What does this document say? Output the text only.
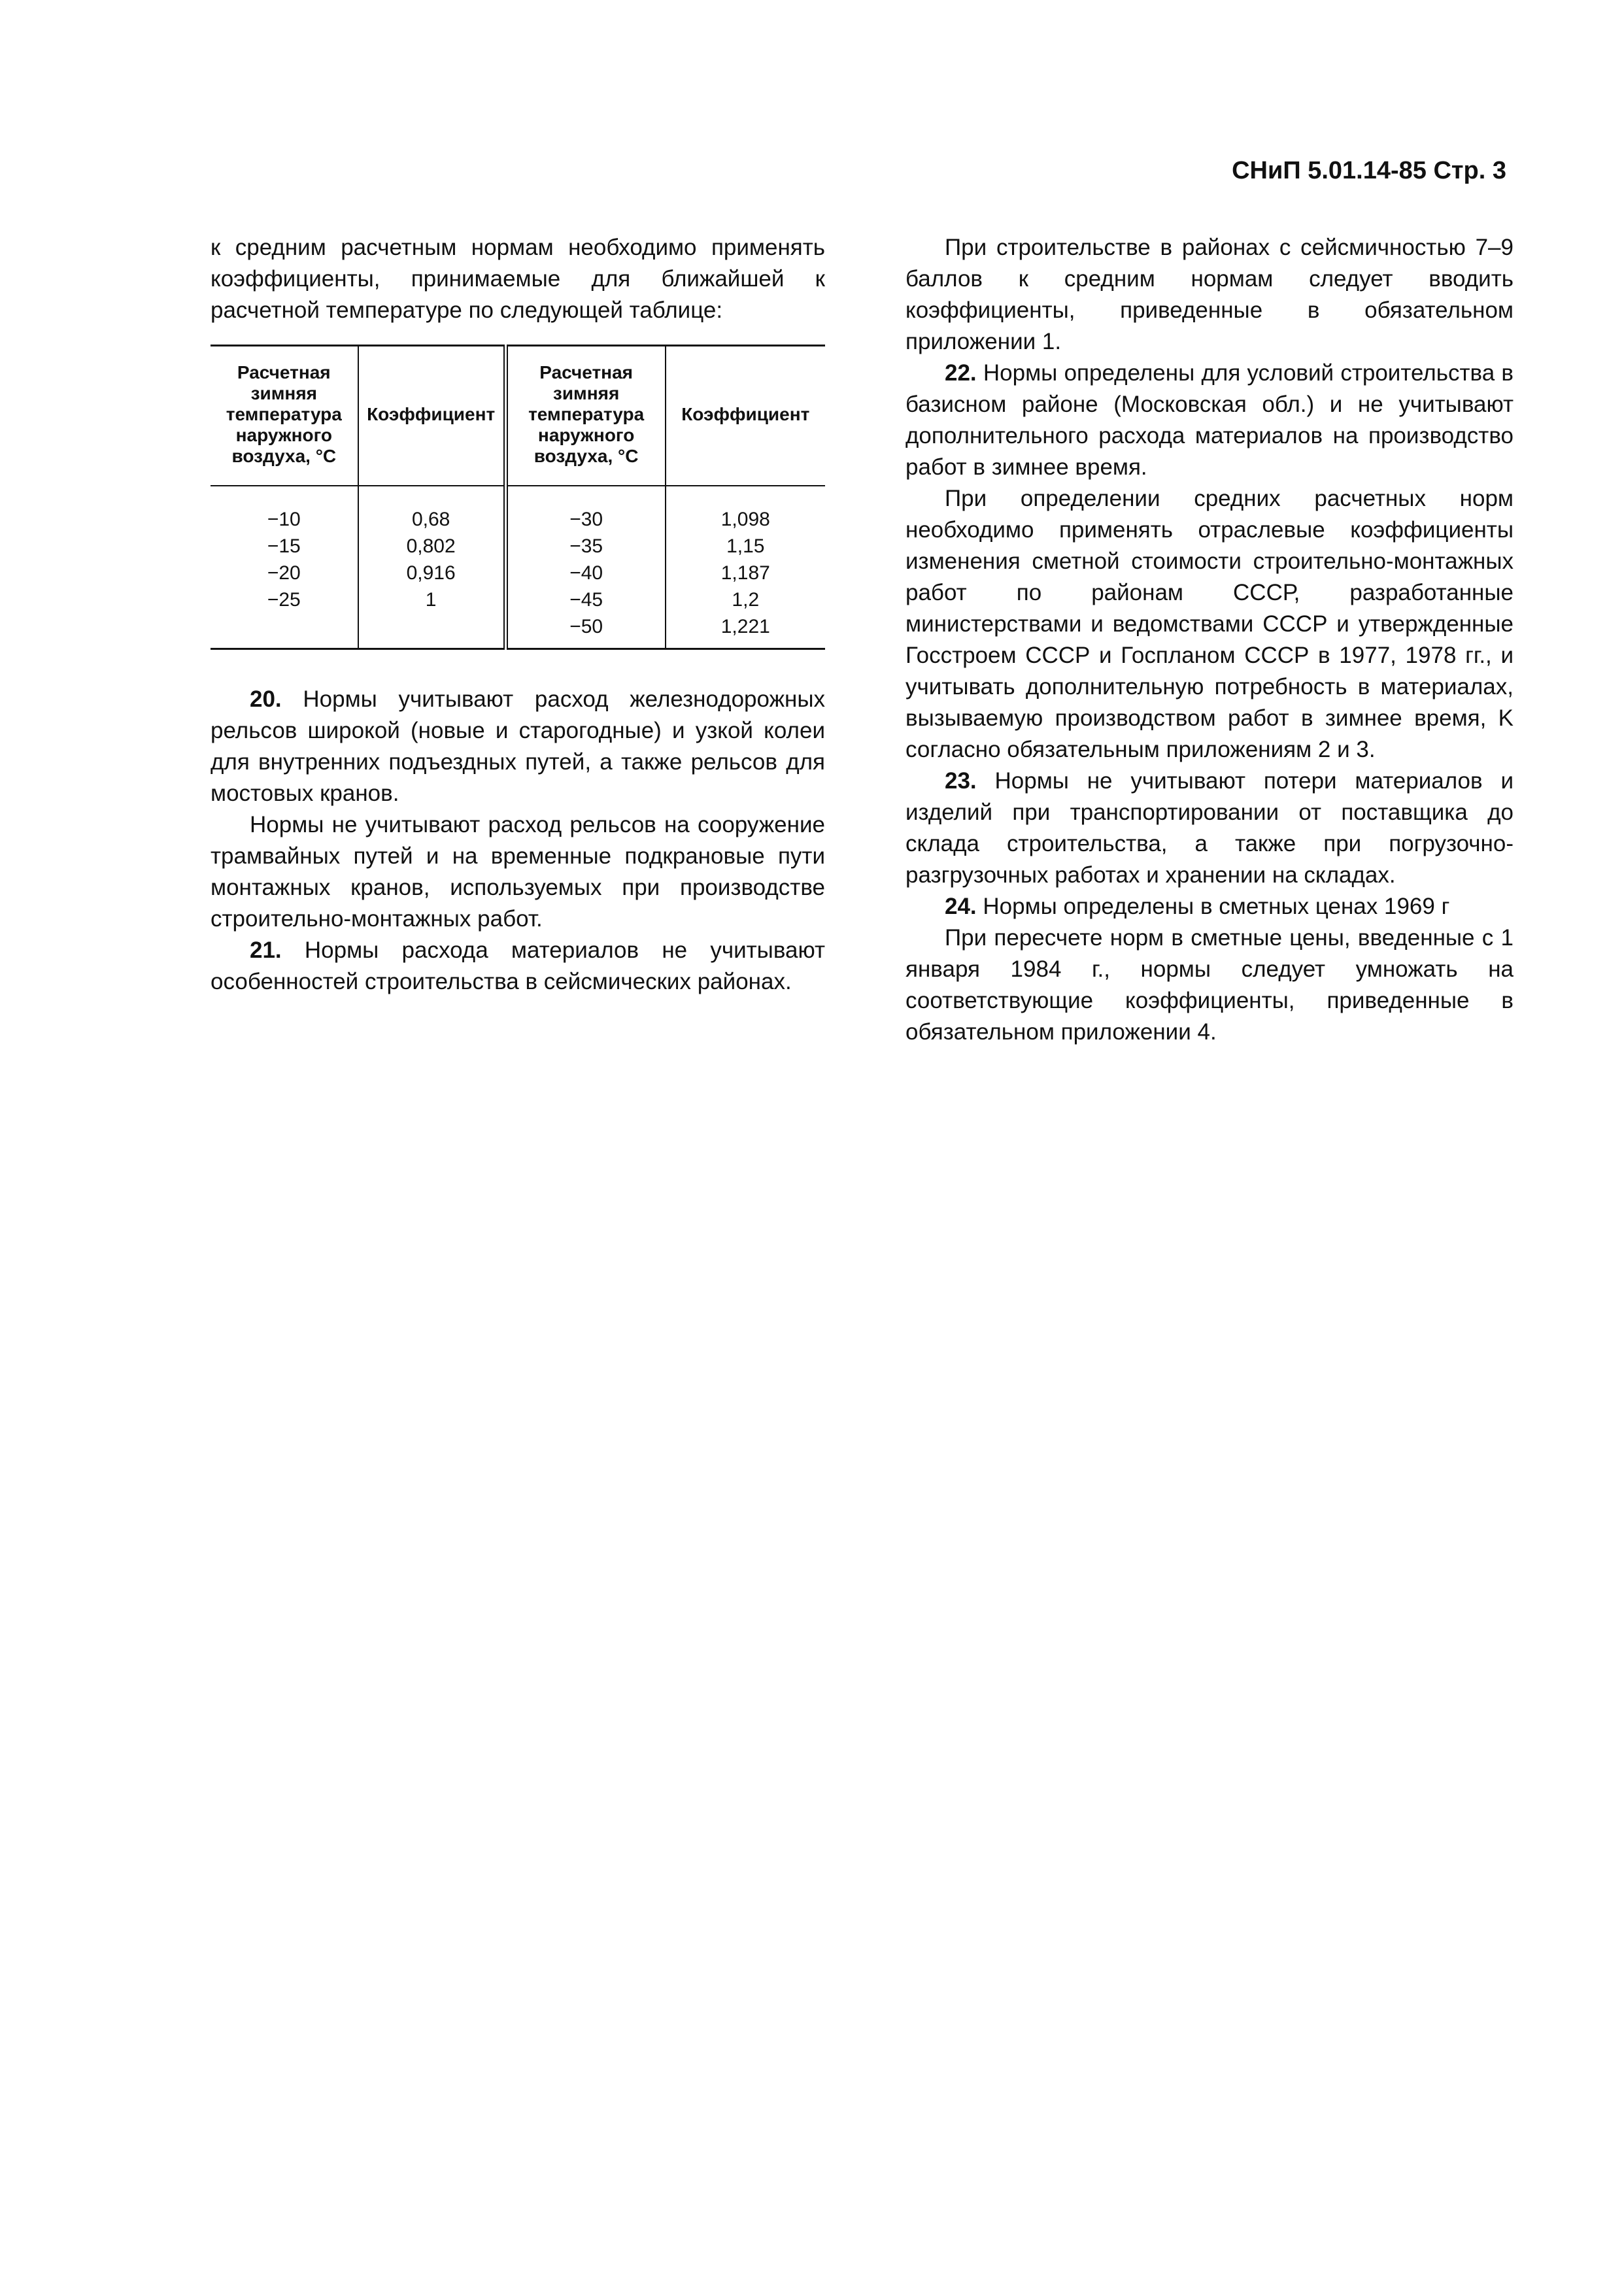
СНиП 5.01.14-85 Стр. 3

к средним расчетным нормам необходимо применять коэффициенты, принимаемые для ближайшей к расчетной температуре по следующей таблице:

Расчетная зимняя температура наружного воздуха, °С	Коэффициент	Расчетная зимняя температура наружного воздуха, °С	Коэффициент
−10	0,68	−30	1,098
−15	0,802	−35	1,15
−20	0,916	−40	1,187
−25	1	−45	1,2
		−50	1,221

20. Нормы учитывают расход железнодорожных рельсов широкой (новые и старогодные) и узкой колеи для внутренних подъездных путей, а также рельсов для мостовых кранов.

Нормы не учитывают расход рельсов на сооружение трамвайных путей и на временные подкрановые пути монтажных кранов, используемых при производстве строительно-монтажных работ.

21. Нормы расхода материалов не учитывают особенностей строительства в сейсмических районах.

При строительстве в районах с сейсмичностью 7–9 баллов к средним нормам следует вводить коэффициенты, приведенные в обязательном приложении 1.

22. Нормы определены для условий строительства в базисном районе (Московская обл.) и не учитывают дополнительного расхода материалов на производство работ в зимнее время.

При определении средних расчетных норм необходимо применять отраслевые коэффициенты изменения сметной стоимости строительно-монтажных работ по районам СССР, разработанные министерствами и ведомствами СССР и утвержденные Госстроем СССР и Госпланом СССР в 1977, 1978 гг., и учитывать дополнительную потребность в материалах, вызываемую производством работ в зимнее время, K согласно обязательным приложениям 2 и 3.

23. Нормы не учитывают потери материалов и изделий при транспортировании от поставщика до склада строительства, а также при погрузочно-разгрузочных работах и хранении на складах.

24. Нормы определены в сметных ценах 1969 г

При пересчете норм в сметные цены, введенные с 1 января 1984 г., нормы следует умножать на соответствующие коэффициенты, приведенные в обязательном приложении 4.
